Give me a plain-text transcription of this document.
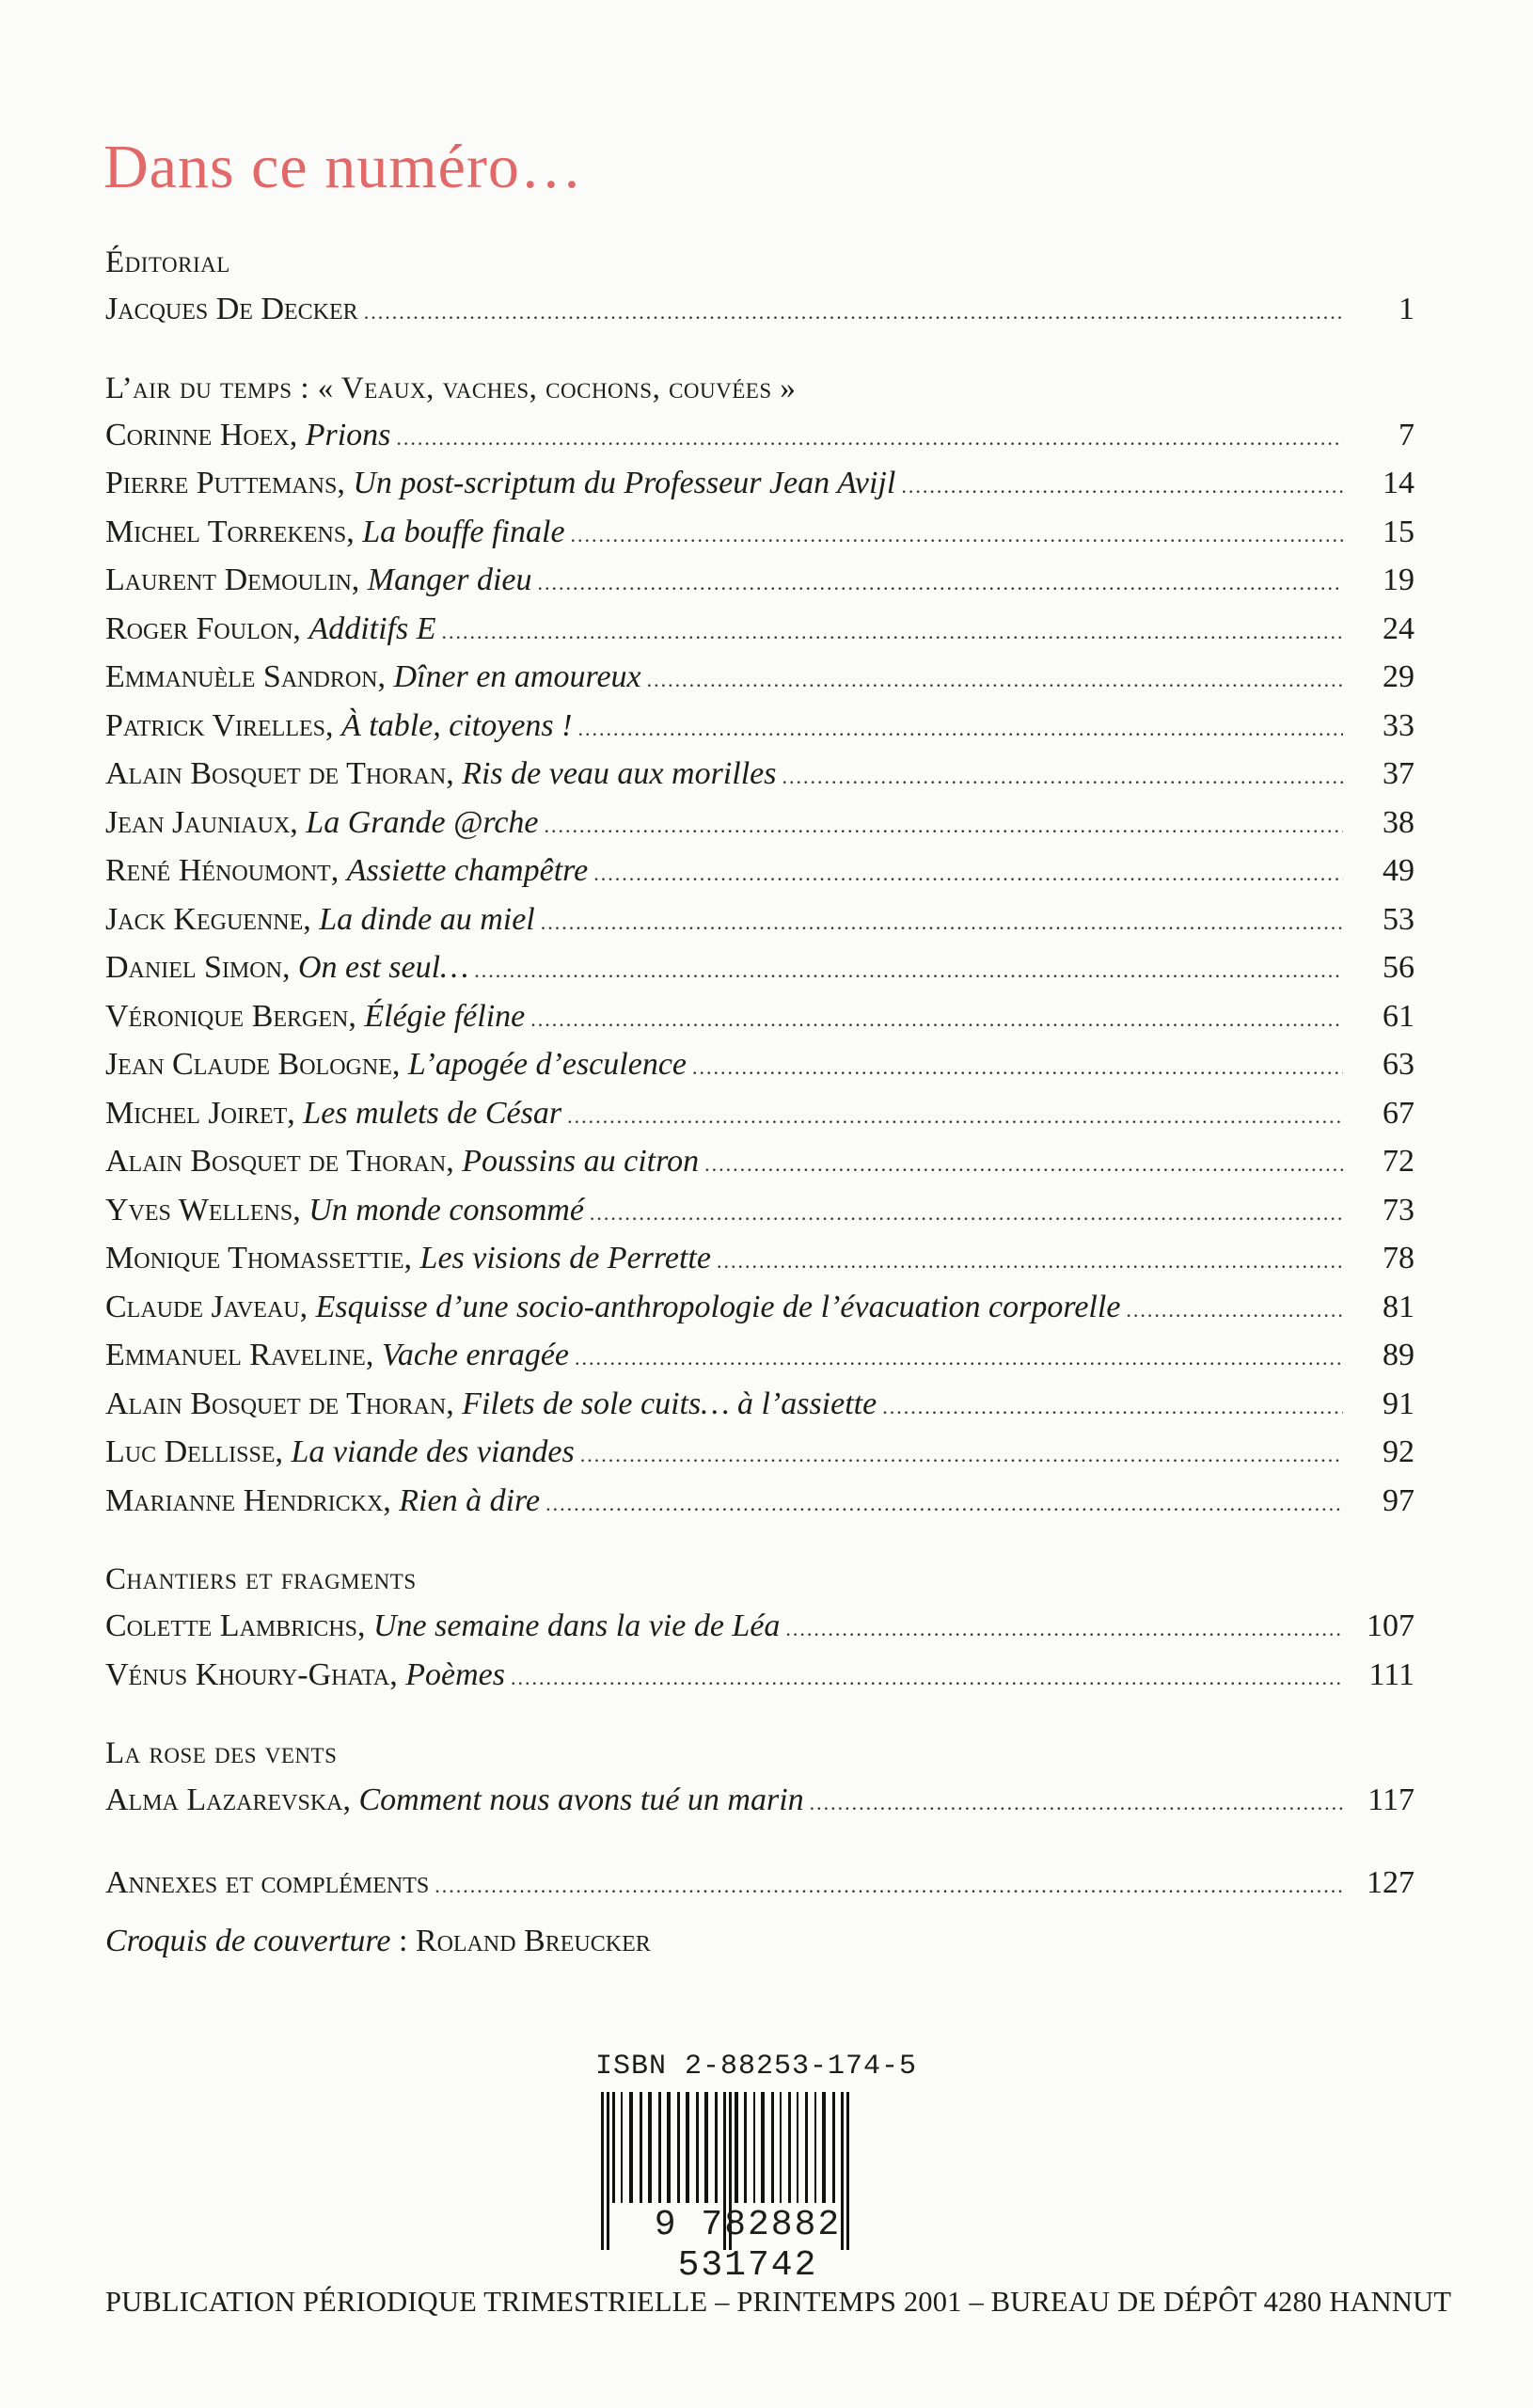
Dans ce numéro…
Éditorial
Jacques De Decker .....	1
L’air du temps : « Veaux, vaches, cochons, couvées »
Corinne Hoex , Prions .....	7
Pierre Puttemans , Un post-scriptum du Professeur Jean Avijl .....	14
Michel Torrekens , La bouffe finale .....	15
Laurent Demoulin , Manger dieu .....	19
Roger Foulon , Additifs E .....	24
Emmanuèle Sandron , Dîner en amoureux .....	29
Patrick Virelles , À table, citoyens ! .....	33
Alain Bosquet de Thoran , Ris de veau aux morilles .....	37
Jean Jauniaux , La Grande @rche .....	38
René Hénoumont , Assiette champêtre .....	49
Jack Keguenne , La dinde au miel .....	53
Daniel Simon , On est seul… .....	56
Véronique Bergen , Élégie féline .....	61
Jean Claude Bologne , L’apogée d’esculence .....	63
Michel Joiret , Les mulets de César .....	67
Alain Bosquet de Thoran , Poussins au citron .....	72
Yves Wellens , Un monde consommé .....	73
Monique Thomassettie , Les visions de Perrette .....	78
Claude Javeau , Esquisse d’une socio-anthropologie de l’évacuation corporelle .....	81
Emmanuel Raveline , Vache enragée .....	89
Alain Bosquet de Thoran , Filets de sole cuits… à l’assiette .....	91
Luc Dellisse , La viande des viandes .....	92
Marianne Hendrickx , Rien à dire .....	97
Chantiers et fragments
Colette Lambrichs , Une semaine dans la vie de Léa .....	107
Vénus Khoury-Ghata , Poèmes .....	111
La rose des vents
Alma Lazarevska , Comment nous avons tué un marin .....	117
Annexes et compléments .....	127
Croquis de couverture : Roland Breucker
ISBN 2-88253-174-5
9 782882 531742
PUBLICATION PÉRIODIQUE TRIMESTRIELLE – PRINTEMPS 2001 – BUREAU DE DÉPÔT 4280 HANNUT
